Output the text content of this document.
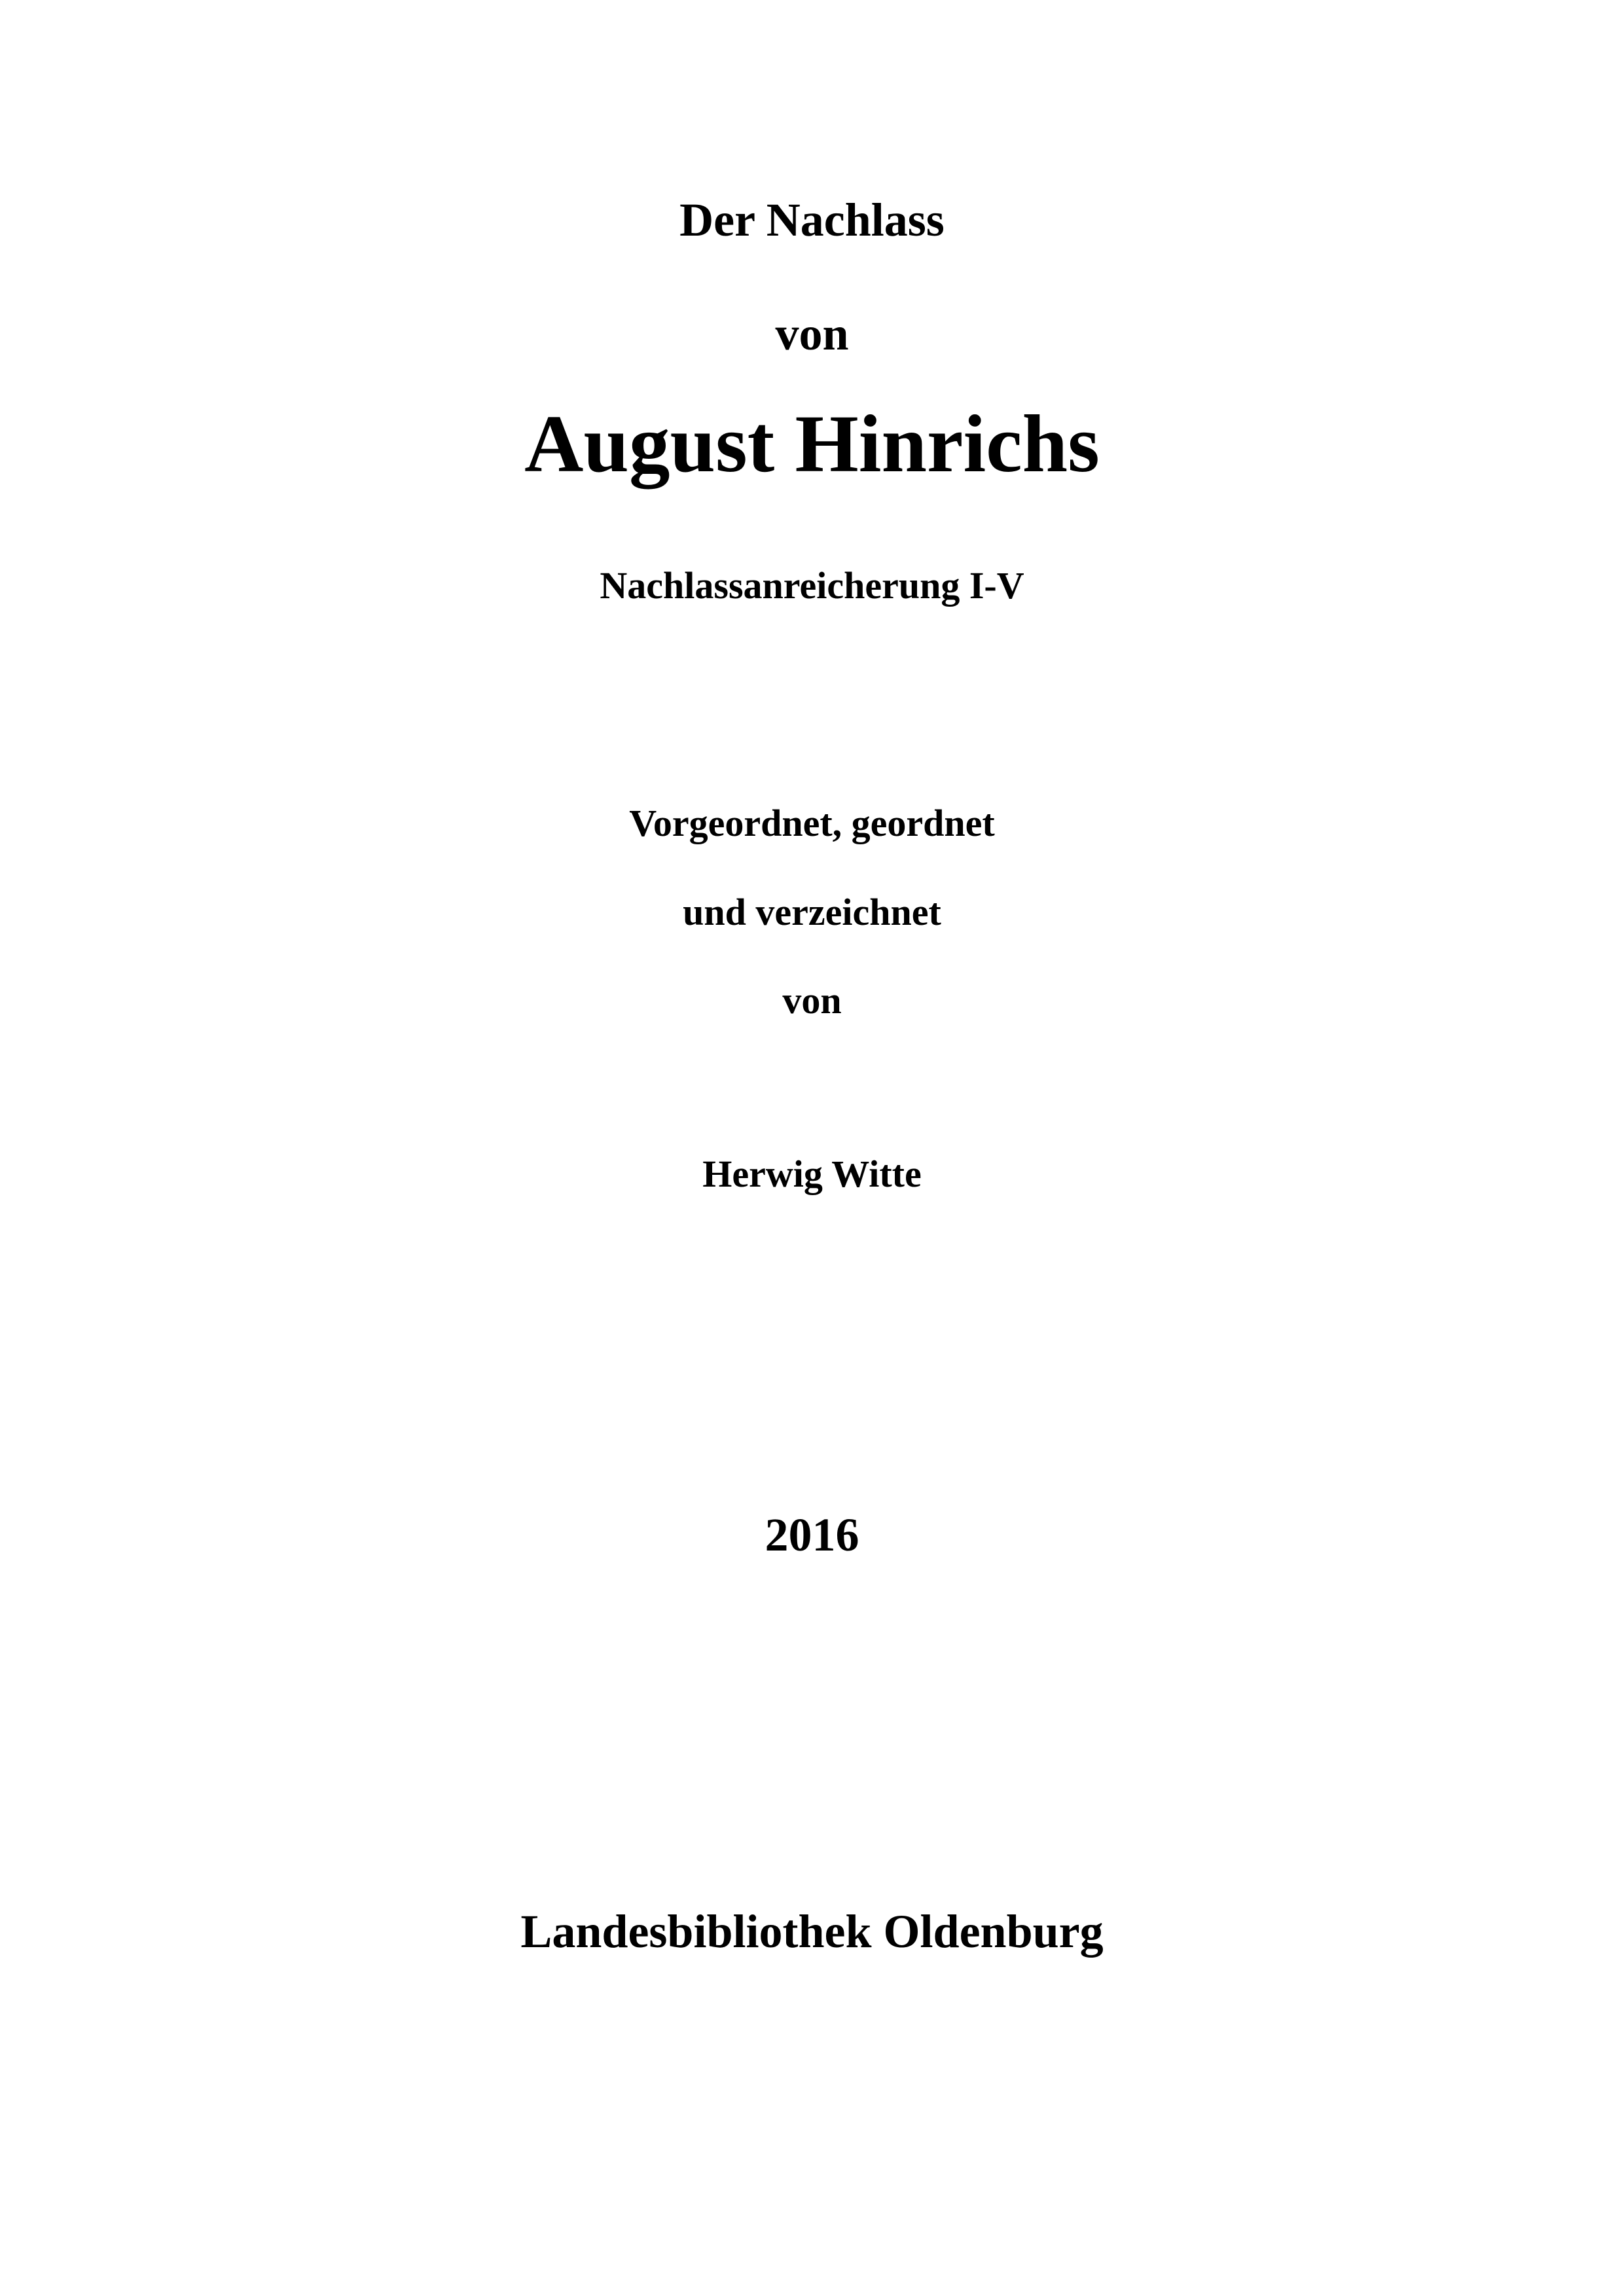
Der Nachlass
von
August Hinrichs
Nachlassanreicherung I-V
Vorgeordnet, geordnet
und verzeichnet
von
Herwig Witte
2016
Landesbibliothek Oldenburg
